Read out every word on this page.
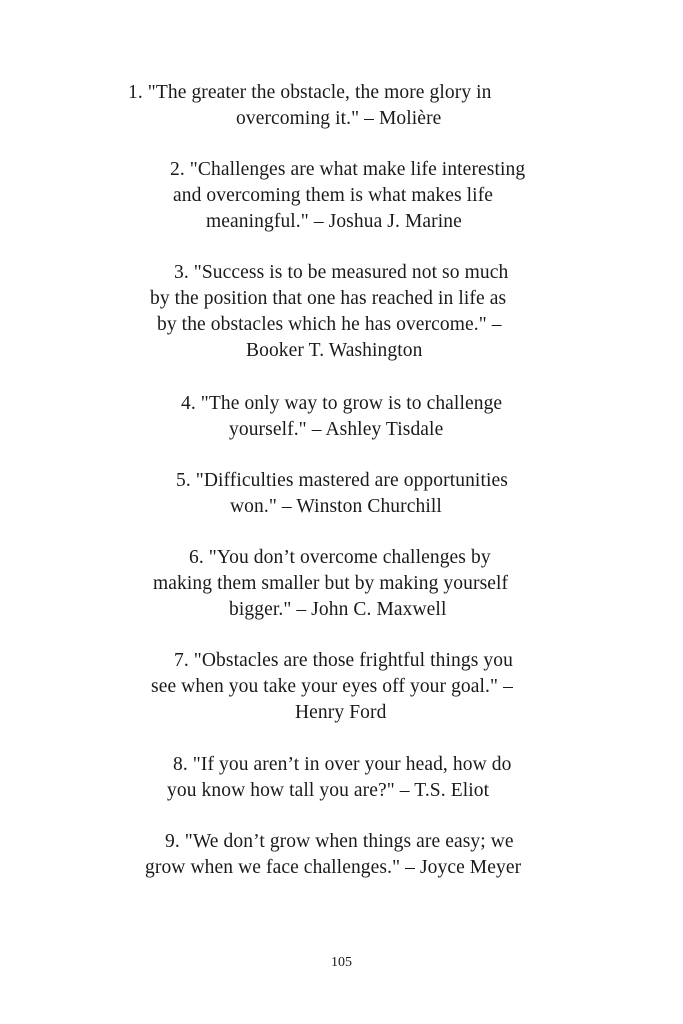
1. "The greater the obstacle, the more glory in
overcoming it." – Molière
2. "Challenges are what make life interesting
and overcoming them is what makes life
meaningful." – Joshua J. Marine
3. "Success is to be measured not so much
by the position that one has reached in life as
by the obstacles which he has overcome." –
Booker T. Washington
4. "The only way to grow is to challenge
yourself." – Ashley Tisdale
5. "Difficulties mastered are opportunities
won." – Winston Churchill
6. "You don’t overcome challenges by
making them smaller but by making yourself
bigger." – John C. Maxwell
7. "Obstacles are those frightful things you
see when you take your eyes off your goal." –
Henry Ford
8. "If you aren’t in over your head, how do
you know how tall you are?" – T.S. Eliot
9. "We don’t grow when things are easy; we
grow when we face challenges." – Joyce Meyer
105
